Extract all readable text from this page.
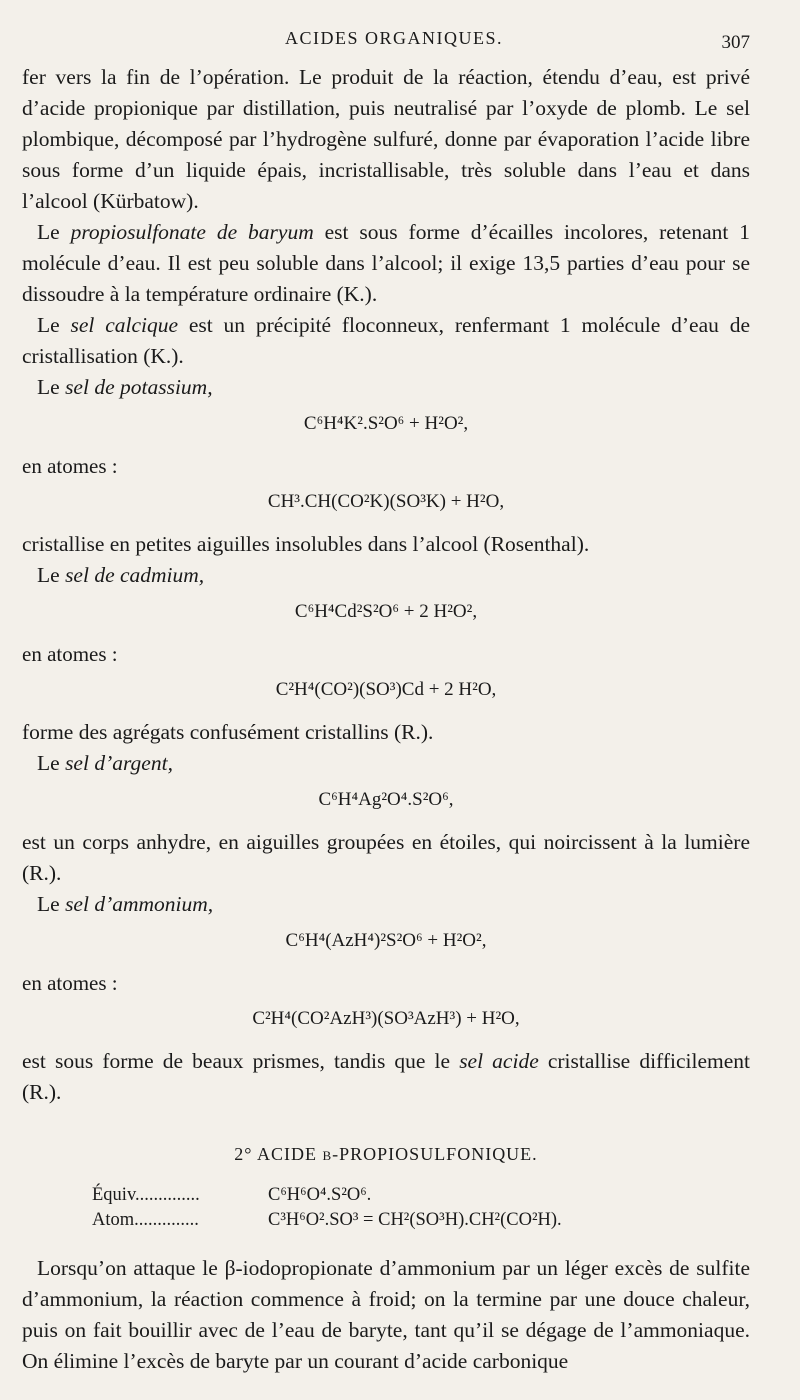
ACIDES ORGANIQUES.	307

fer vers la fin de l’opération. Le produit de la réaction, étendu d’eau, est privé d’acide propionique par distillation, puis neutralisé par l’oxyde de plomb. Le sel plombique, décomposé par l’hydrogène sulfuré, donne par évaporation l’acide libre sous forme d’un liquide épais, incristallisable, très soluble dans l’eau et dans l’alcool (Kürbatow).

Le propiosulfonate de baryum est sous forme d’écailles incolores, retenant 1 molécule d’eau. Il est peu soluble dans l’alcool; il exige 13,5 parties d’eau pour se dissoudre à la température ordinaire (K.).

Le sel calcique est un précipité floconneux, renfermant 1 molécule d’eau de cristallisation (K.).

Le sel de potassium,

C⁶H⁴K².S²O⁶ + H²O²,
en atomes :
CH³.CH(CO²K)(SO³K) + H²O,

cristallise en petites aiguilles insolubles dans l’alcool (Rosenthal).

Le sel de cadmium,

C⁶H⁴Cd²S²O⁶ + 2 H²O²,
en atomes :
C²H⁴(CO²)(SO³)Cd + 2 H²O,

forme des agrégats confusément cristallins (R.).

Le sel d’argent,

C⁶H⁴Ag²O⁴.S²O⁶,

est un corps anhydre, en aiguilles groupées en étoiles, qui noircissent à la lumière (R.).

Le sel d’ammonium,

C⁶H⁴(AzH⁴)²S²O⁶ + H²O²,
en atomes :
C²H⁴(CO²AzH³)(SO³AzH³) + H²O,

est sous forme de beaux prismes, tandis que le sel acide cristallise difficilement (R.).

2° ACIDE β-PROPIOSULFONIQUE.
Équiv..............	C⁶H⁶O⁴.S²O⁶.
Atom..............	C³H⁶O².SO³ = CH²(SO³H).CH²(CO²H).

Lorsqu’on attaque le β-iodopropionate d’ammonium par un léger excès de sulfite d’ammonium, la réaction commence à froid; on la termine par une douce chaleur, puis on fait bouillir avec de l’eau de baryte, tant qu’il se dégage de l’ammoniaque. On élimine l’excès de baryte par un courant d’acide carbonique
